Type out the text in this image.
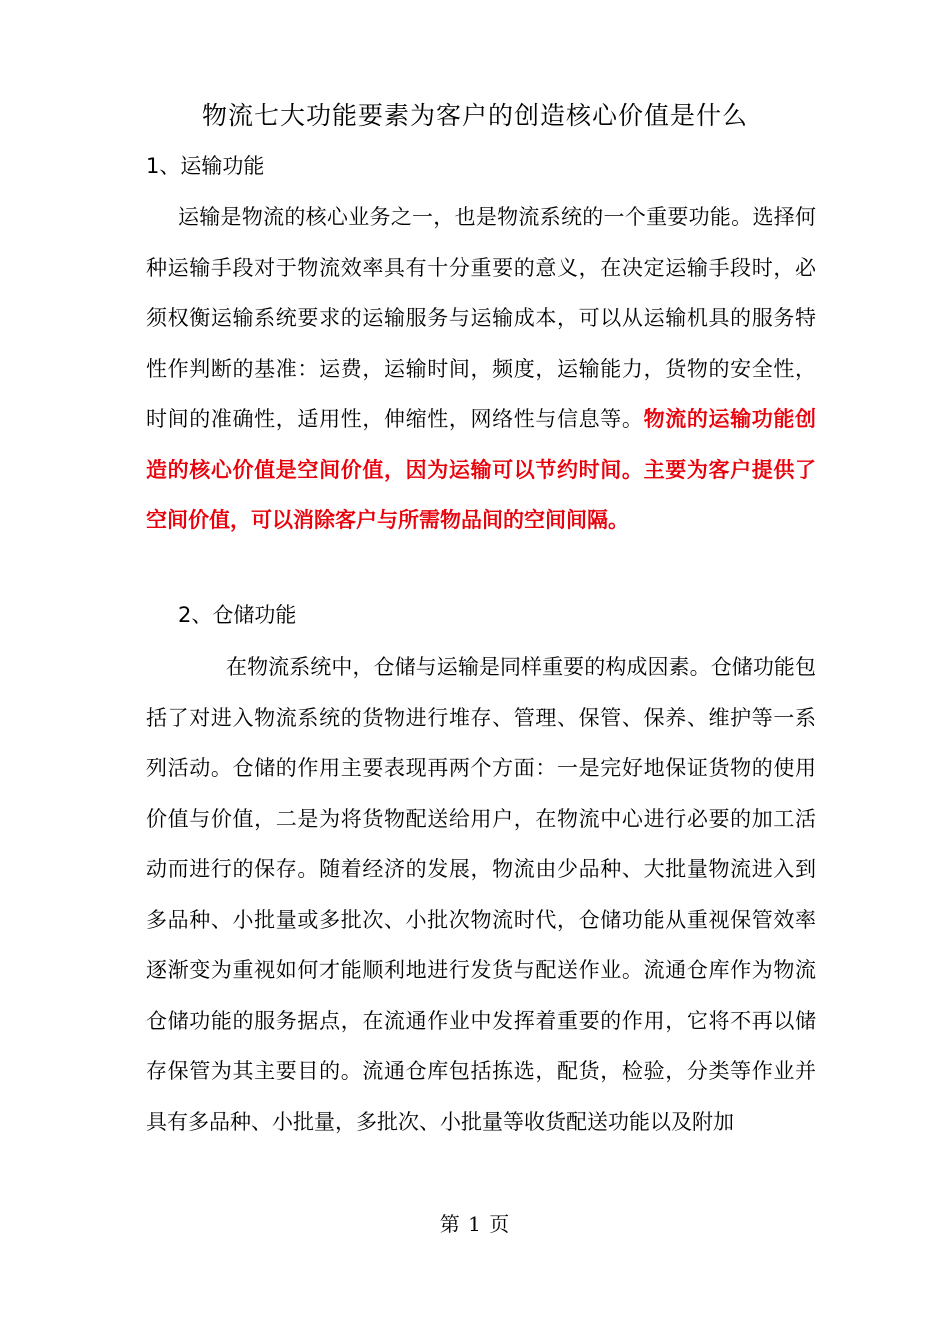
物流七大功能要素为客户的创造核心价值是什么
1、运输功能
运输是物流的核心业务之一，也是物流系统的一个重要功能。选择何种运输手段对于物流效率具有十分重要的意义，在决定运输手段时，必须权衡运输系统要求的运输服务与运输成本，可以从运输机具的服务特性作判断的基准：运费，运输时间，频度，运输能力，货物的安全性，时间的准确性，适用性，伸缩性，网络性与信息等。物流的运输功能创造的核心价值是空间价值，因为运输可以节约时间。主要为客户提供了空间价值，可以消除客户与所需物品间的空间间隔。
2、仓储功能
在物流系统中，仓储与运输是同样重要的构成因素。仓储功能包括了对进入物流系统的货物进行堆存、管理、保管、保养、维护等一系列活动。仓储的作用主要表现再两个方面：一是完好地保证货物的使用价值与价值，二是为将货物配送给用户，在物流中心进行必要的加工活动而进行的保存。随着经济的发展，物流由少品种、大批量物流进入到多品种、小批量或多批次、小批次物流时代，仓储功能从重视保管效率逐渐变为重视如何才能顺利地进行发货与配送作业。流通仓库作为物流仓储功能的服务据点，在流通作业中发挥着重要的作用，它将不再以储存保管为其主要目的。流通仓库包括拣选，配货，检验，分类等作业并具有多品种、小批量，多批次、小批量等收货配送功能以及附加
第 1 页
